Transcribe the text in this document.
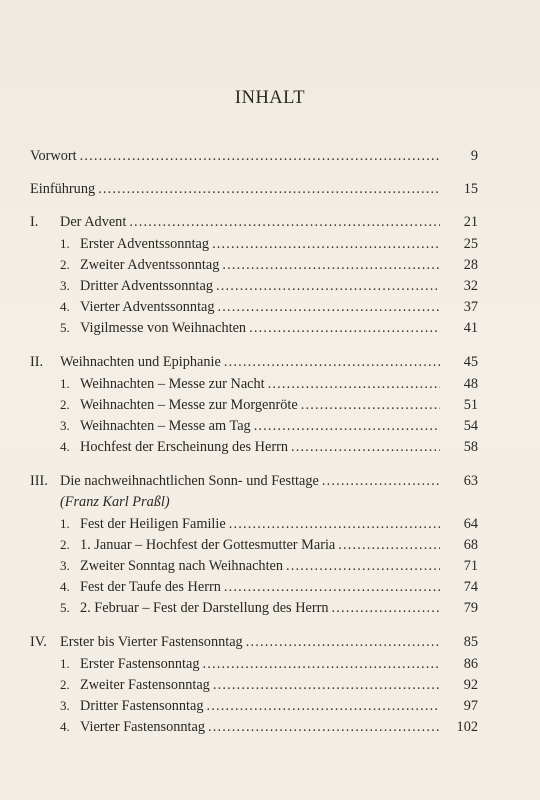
INHALT
Vorwort . . .	9
Einführung . . .	15
I.	Der Advent . . .	21
1. Erster Adventssonntag . . .	25
2. Zweiter Adventssonntag . . .	28
3. Dritter Adventssonntag . . .	32
4. Vierter Adventssonntag . . .	37
5. Vigilmesse von Weihnachten . . .	41
II.	Weihnachten und Epiphanie . . .	45
1. Weihnachten – Messe zur Nacht . . .	48
2. Weihnachten – Messe zur Morgenröte . . .	51
3. Weihnachten – Messe am Tag . . .	54
4. Hochfest der Erscheinung des Herrn . . .	58
III. Die nachweihnachtlichen Sonn- und Festtage . . .	63
(Franz Karl Praßl)
1. Fest der Heiligen Familie . . .	64
2. 1. Januar – Hochfest der Gottesmutter Maria . . .	68
3. Zweiter Sonntag nach Weihnachten . . .	71
4. Fest der Taufe des Herrn . . .	74
5. 2. Februar – Fest der Darstellung des Herrn . . .	79
IV. Erster bis Vierter Fastensonntag . . .	85
1. Erster Fastensonntag . . .	86
2. Zweiter Fastensonntag . . .	92
3. Dritter Fastensonntag . . .	97
4. Vierter Fastensonntag . . .	102
